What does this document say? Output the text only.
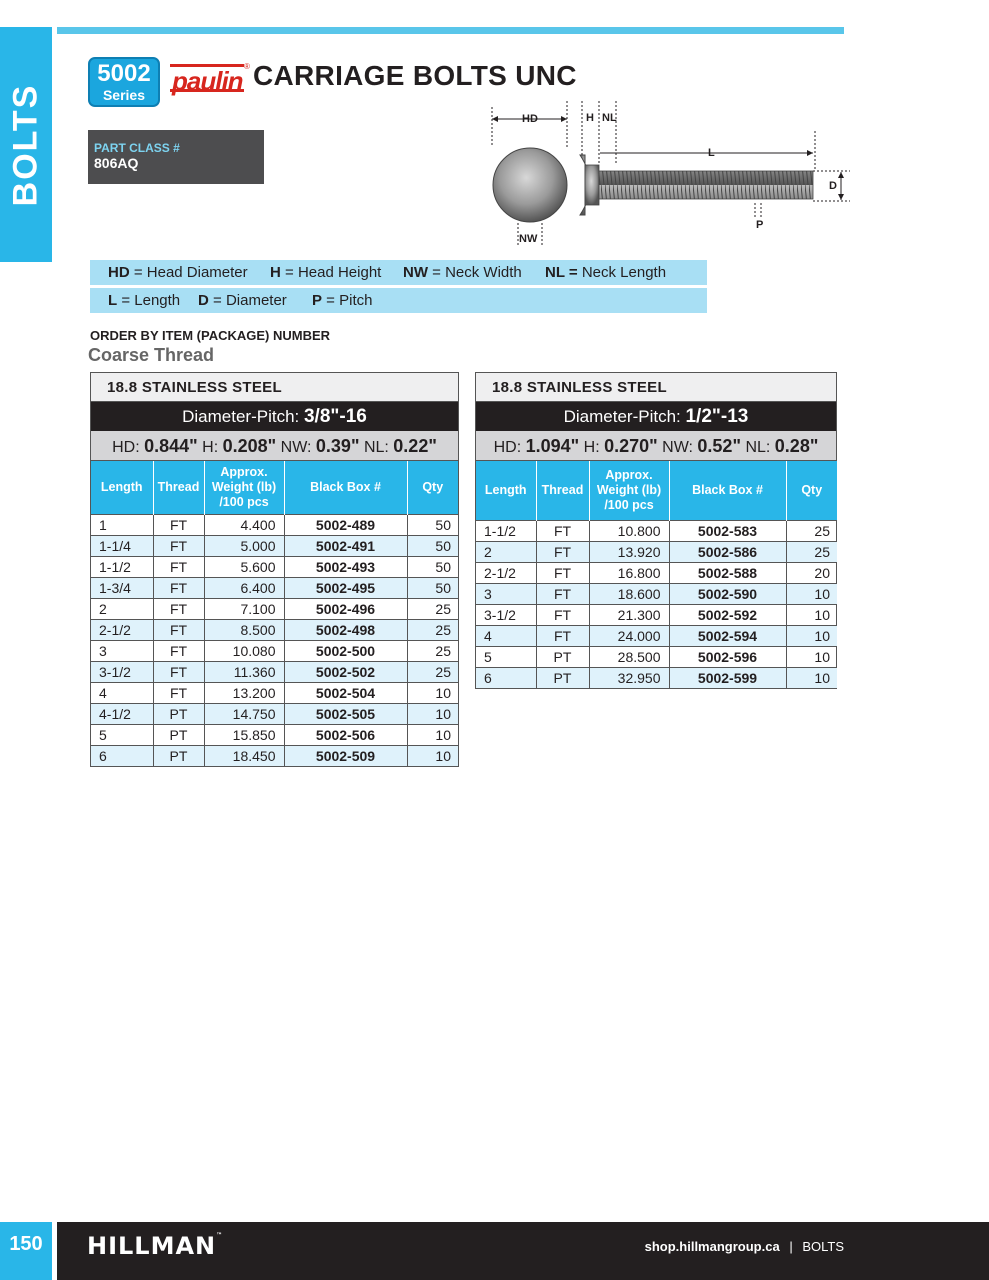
BOLTS
5002
Series	paulin ® CARRIAGE BOLTS UNC
PART CLASS #
806AQ
HD	H NL
L
D
P
NW
HD = Head Diameter H = Head Height NW = Neck Width NL = Neck Length
L = Length D = Diameter P = Pitch
ORDER BY ITEM (PACKAGE) NUMBER
Coarse Thread
18.8 STAINLESS STEEL
Diameter-Pitch: 3/8"-16
HD: 0.844" H: 0.208" NW: 0.39" NL: 0.22"
Length	Thread	Approx.
Weight (lb)
/100 pcs	Black Box #	Qty
1	FT	4.400	5002-489	50
1-1/4	FT	5.000	5002-491	50
1-1/2	FT	5.600	5002-493	50
1-3/4	FT	6.400	5002-495	50
2	FT	7.100	5002-496	25
2-1/2	FT	8.500	5002-498	25
3	FT	10.080	5002-500	25
3-1/2	FT	11.360	5002-502	25
4	FT	13.200	5002-504	10
4-1/2	PT	14.750	5002-505	10
5	PT	15.850	5002-506	10
6	PT	18.450	5002-509	10
18.8 STAINLESS STEEL
Diameter-Pitch: 1/2"-13
HD: 1.094" H: 0.270" NW: 0.52" NL: 0.28"
Length	Thread	Approx.
Weight (lb)
/100 pcs	Black Box #	Qty
1-1/2	FT	10.800	5002-583	25
2	FT	13.920	5002-586	25
2-1/2	FT	16.800	5002-588	20
3	FT	18.600	5002-590	10
3-1/2	FT	21.300	5002-592	10
4	FT	24.000	5002-594	10
5	PT	28.500	5002-596	10
6	PT	32.950	5002-599	10
150	HILLMAN™
shop.hillmangroup.ca | BOLTS
